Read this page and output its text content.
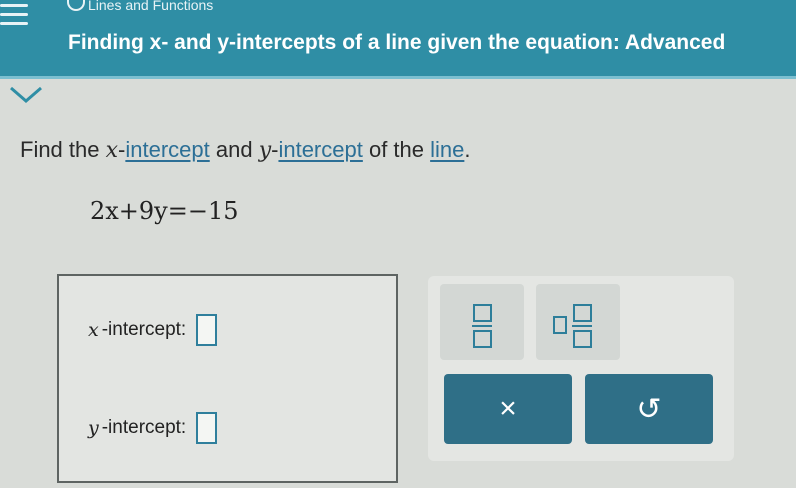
Lines and Functions
Finding x- and y-intercepts of a line given the equation: Advanced
Find the x-intercept and y-intercept of the line.
2x+9y=−15
x -intercept:
y -intercept:
×	↺
